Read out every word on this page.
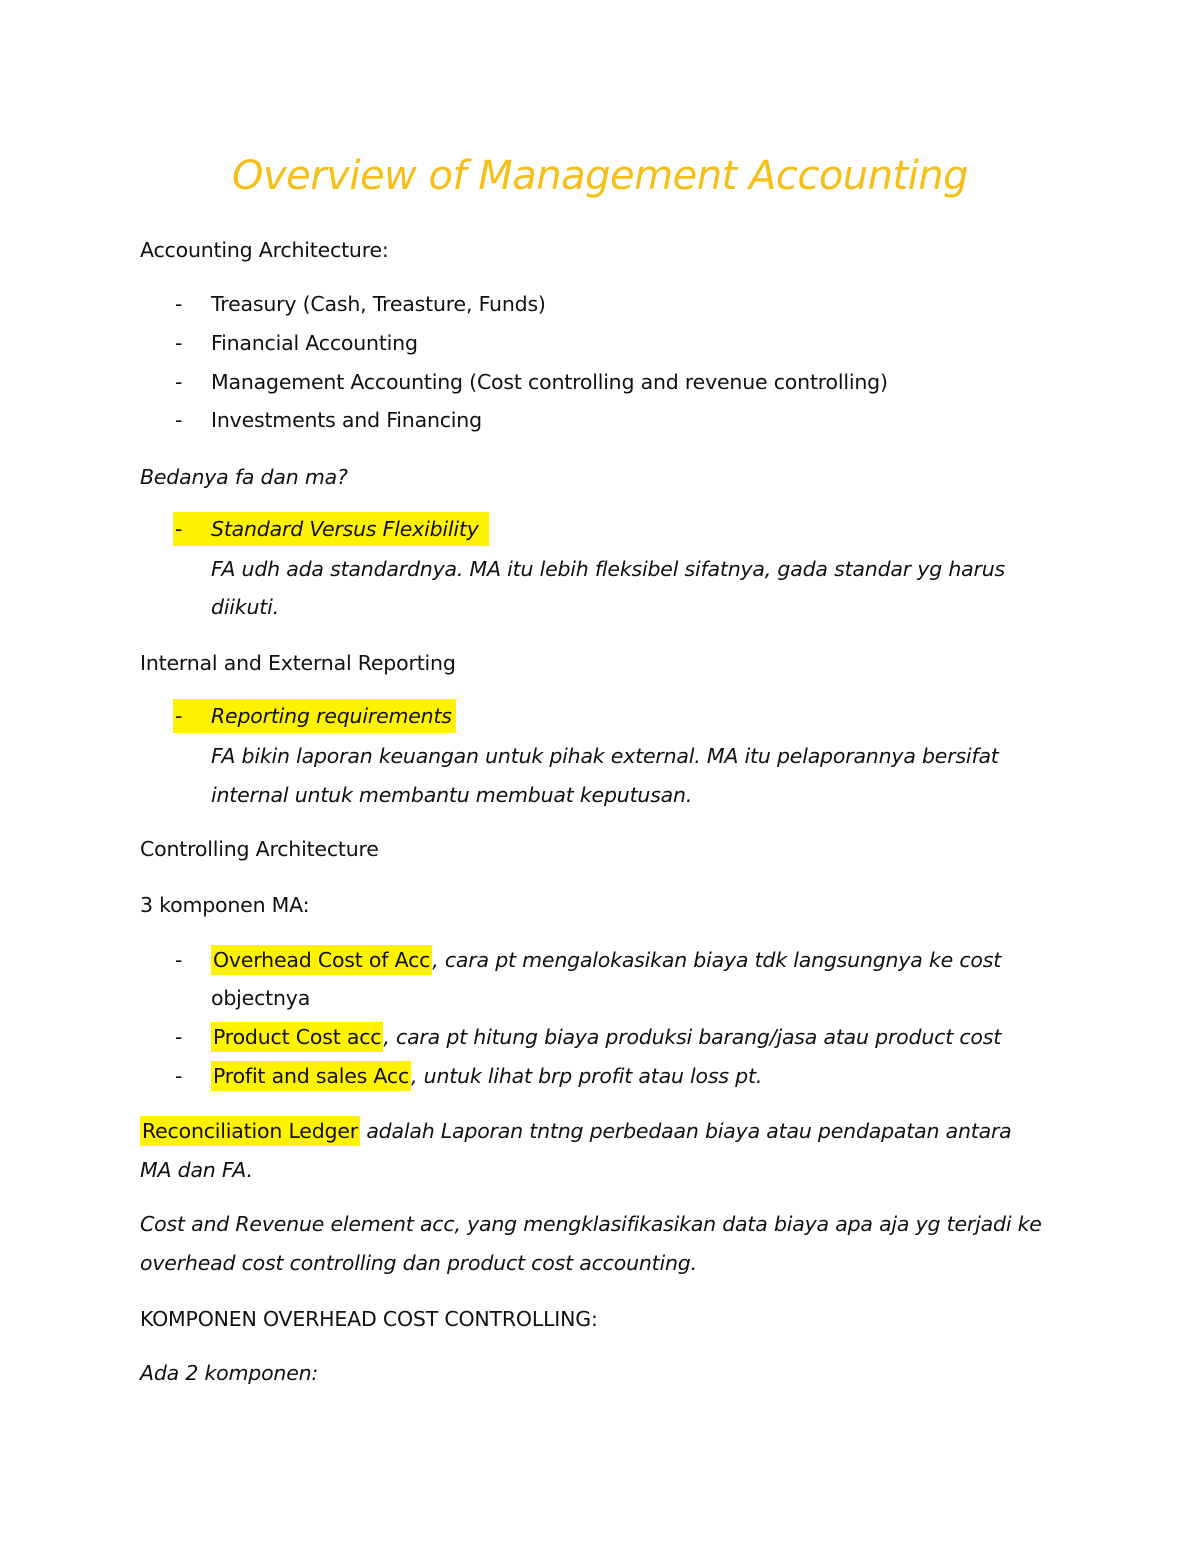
Overview of Management Accounting
Accounting Architecture:
- Treasury (Cash, Treasture, Funds)
- Financial Accounting
- Management Accounting (Cost controlling and revenue controlling)
- Investments and Financing
Bedanya fa dan ma?
- Standard Versus Flexibility
FA udh ada standardnya. MA itu lebih fleksibel sifatnya, gada standar yg harus
diikuti.
Internal and External Reporting
- Reporting requirements
FA bikin laporan keuangan untuk pihak external. MA itu pelaporannya bersifat
internal untuk membantu membuat keputusan.
Controlling Architecture
3 komponen MA:
- Overhead Cost of Acc, cara pt mengalokasikan biaya tdk langsungnya ke cost
objectnya
- Product Cost acc, cara pt hitung biaya produksi barang/jasa atau product cost
- Profit and sales Acc, untuk lihat brp profit atau loss pt.
Reconciliation Ledger adalah Laporan tntng perbedaan biaya atau pendapatan antara
MA dan FA.
Cost and Revenue element acc, yang mengklasifikasikan data biaya apa aja yg terjadi ke
overhead cost controlling dan product cost accounting.
KOMPONEN OVERHEAD COST CONTROLLING:
Ada 2 komponen:
